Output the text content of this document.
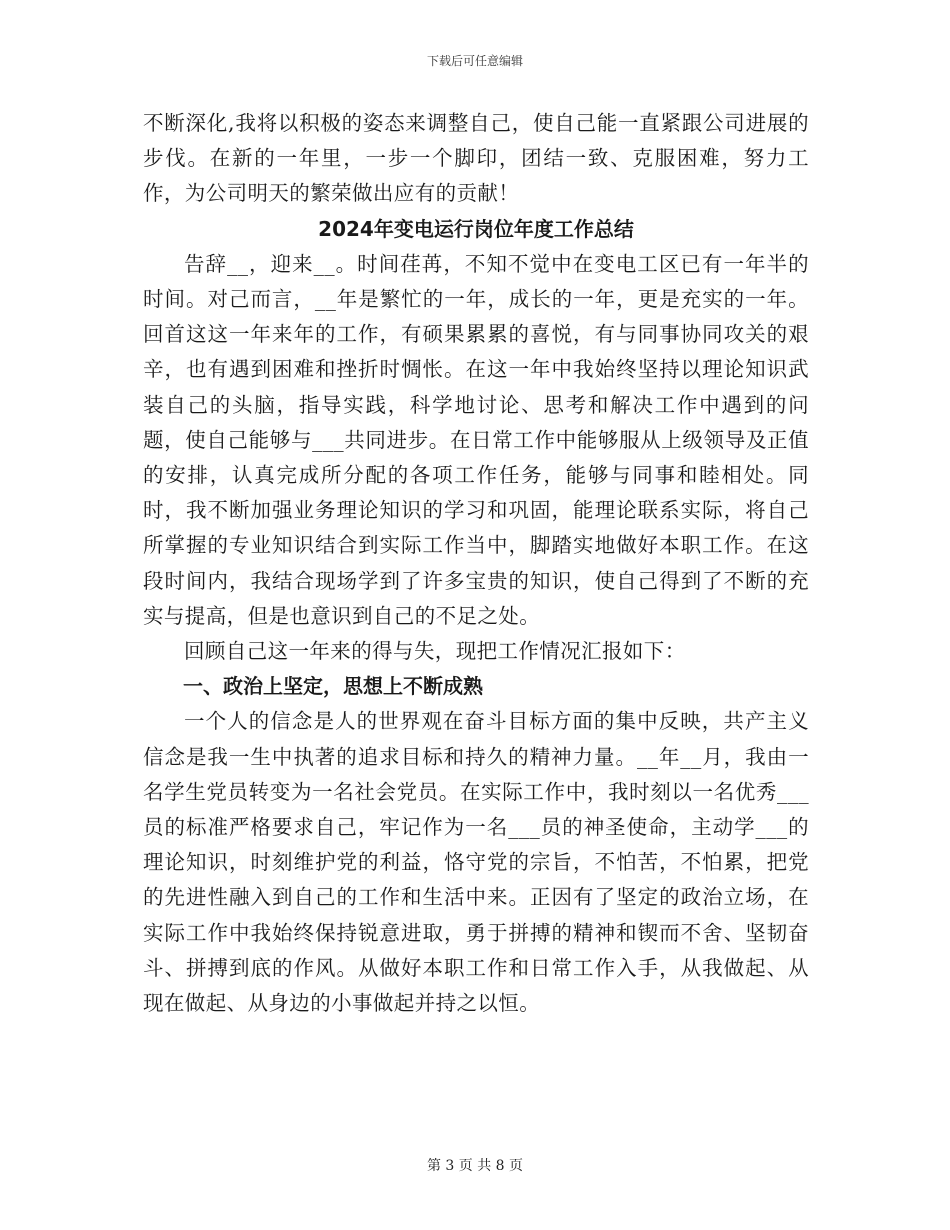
下载后可任意编辑

不断深化,我将以积极的姿态来调整自己，使自己能一直紧跟公司进展的步伐。在新的一年里，一步一个脚印，团结一致、克服困难，努力工作，为公司明天的繁荣做出应有的贡献！

2024年变电运行岗位年度工作总结

告辞__，迎来__。时间荏苒，不知不觉中在变电工区已有一年半的时间。对己而言，__年是繁忙的一年，成长的一年，更是充实的一年。回首这这一年来年的工作，有硕果累累的喜悦，有与同事协同攻关的艰辛，也有遇到困难和挫折时惆怅。在这一年中我始终坚持以理论知识武装自己的头脑，指导实践，科学地讨论、思考和解决工作中遇到的问题，使自己能够与___共同进步。在日常工作中能够服从上级领导及正值的安排，认真完成所分配的各项工作任务，能够与同事和睦相处。同时，我不断加强业务理论知识的学习和巩固，能理论联系实际，将自己所掌握的专业知识结合到实际工作当中，脚踏实地做好本职工作。在这段时间内，我结合现场学到了许多宝贵的知识，使自己得到了不断的充实与提高，但是也意识到自己的不足之处。

回顾自己这一年来的得与失，现把工作情况汇报如下：

一、政治上坚定，思想上不断成熟

一个人的信念是人的世界观在奋斗目标方面的集中反映，共产主义信念是我一生中执著的追求目标和持久的精神力量。__年__月，我由一名学生党员转变为一名社会党员。在实际工作中，我时刻以一名优秀___员的标准严格要求自己，牢记作为一名___员的神圣使命，主动学___的理论知识，时刻维护党的利益，恪守党的宗旨，不怕苦，不怕累，把党的先进性融入到自己的工作和生活中来。正因有了坚定的政治立场，在实际工作中我始终保持锐意进取，勇于拼搏的精神和锲而不舍、坚韧奋斗、拼搏到底的作风。从做好本职工作和日常工作入手，从我做起、从现在做起、从身边的小事做起并持之以恒。

第 3 页 共 8 页
